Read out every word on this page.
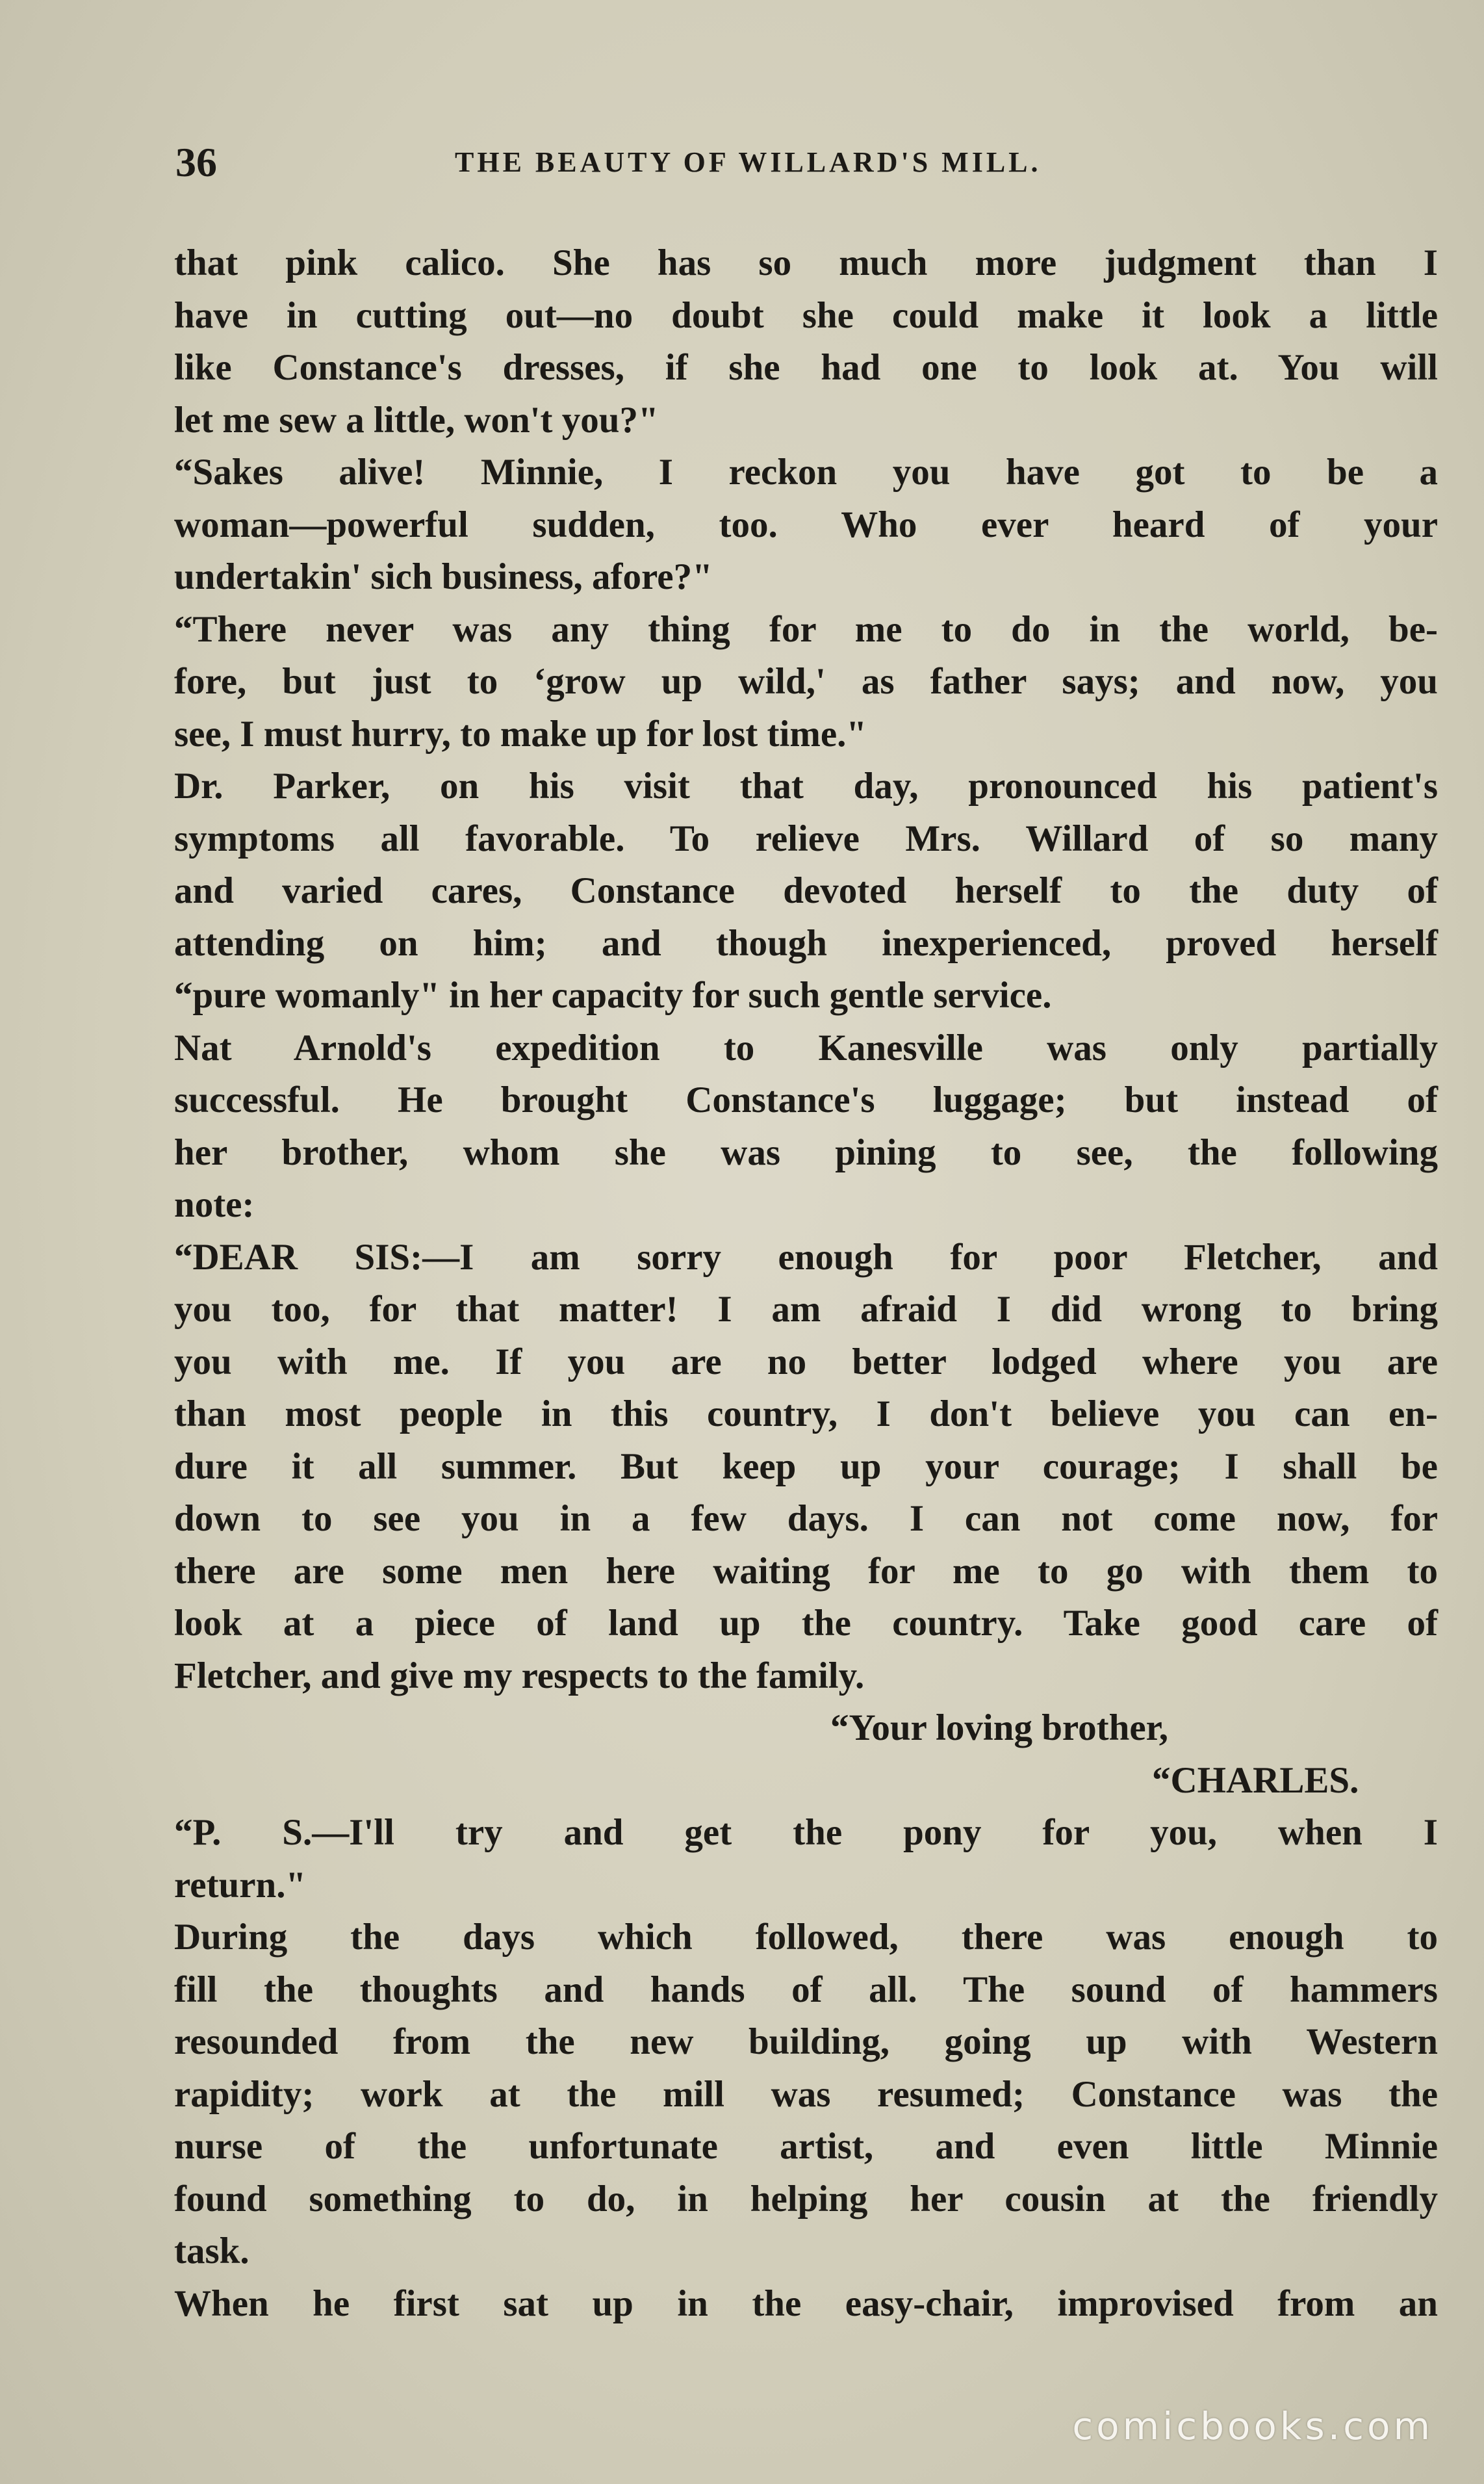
36	THE BEAUTY OF WILLARD'S MILL.
that pink calico. She has so much more judgment than I
have in cutting out—no doubt she could make it look a little
like Constance's dresses, if she had one to look at. You will
let me sew a little, won't you?"
“Sakes alive! Minnie, I reckon you have got to be a
woman—powerful sudden, too. Who ever heard of your
undertakin' sich business, afore?"
“There never was any thing for me to do in the world, be-
fore, but just to ‘grow up wild,' as father says; and now, you
see, I must hurry, to make up for lost time."
Dr. Parker, on his visit that day, pronounced his patient's
symptoms all favorable. To relieve Mrs. Willard of so many
and varied cares, Constance devoted herself to the duty of
attending on him; and though inexperienced, proved herself
“pure womanly" in her capacity for such gentle service.
Nat Arnold's expedition to Kanesville was only partially
successful. He brought Constance's luggage; but instead of
her brother, whom she was pining to see, the following
note:
“DEAR SIS:—I am sorry enough for poor Fletcher, and
you too, for that matter! I am afraid I did wrong to bring
you with me. If you are no better lodged where you are
than most people in this country, I don't believe you can en-
dure it all summer. But keep up your courage; I shall be
down to see you in a few days. I can not come now, for
there are some men here waiting for me to go with them to
look at a piece of land up the country. Take good care of
Fletcher, and give my respects to the family.
“Your loving brother,
“CHARLES.
“P. S.—I'll try and get the pony for you, when I
return."
During the days which followed, there was enough to
fill the thoughts and hands of all. The sound of hammers
resounded from the new building, going up with Western
rapidity; work at the mill was resumed; Constance was the
nurse of the unfortunate artist, and even little Minnie
found something to do, in helping her cousin at the friendly
task.
When he first sat up in the easy-chair, improvised from an
comicbooks.com
